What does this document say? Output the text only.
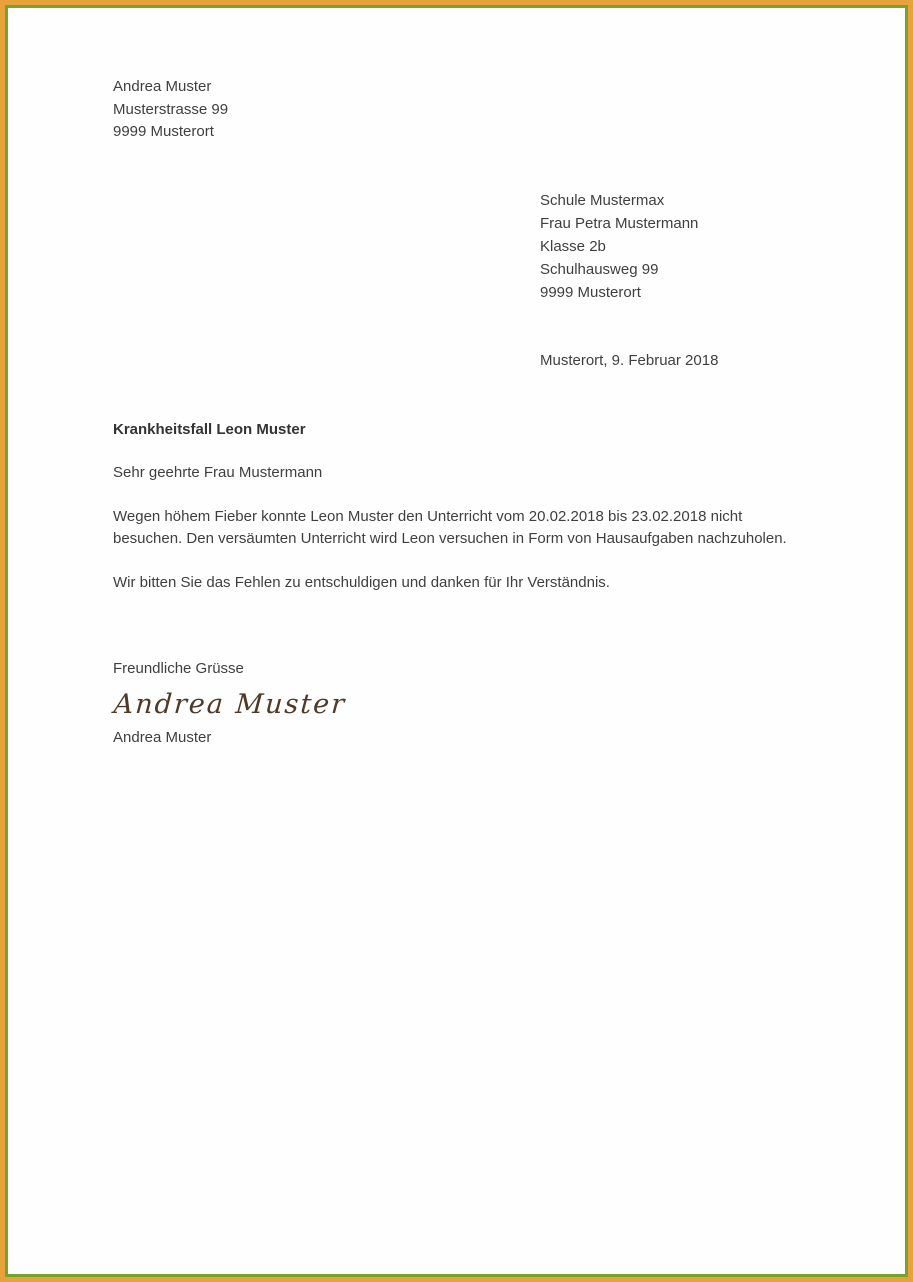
Andrea Muster
Musterstrasse 99
9999 Musterort
Schule Mustermax
Frau Petra Mustermann
Klasse 2b
Schulhausweg 99
9999 Musterort
Musterort, 9. Februar 2018
Krankheitsfall Leon Muster
Sehr geehrte Frau Mustermann
Wegen höhem Fieber konnte Leon Muster den Unterricht vom 20.02.2018 bis 23.02.2018 nicht besuchen. Den versäumten Unterricht wird Leon versuchen in Form von Hausaufgaben nachzuholen.
Wir bitten Sie das Fehlen zu entschuldigen und danken für Ihr Verständnis.
Freundliche Grüsse
Andrea Muster
Andrea Muster
